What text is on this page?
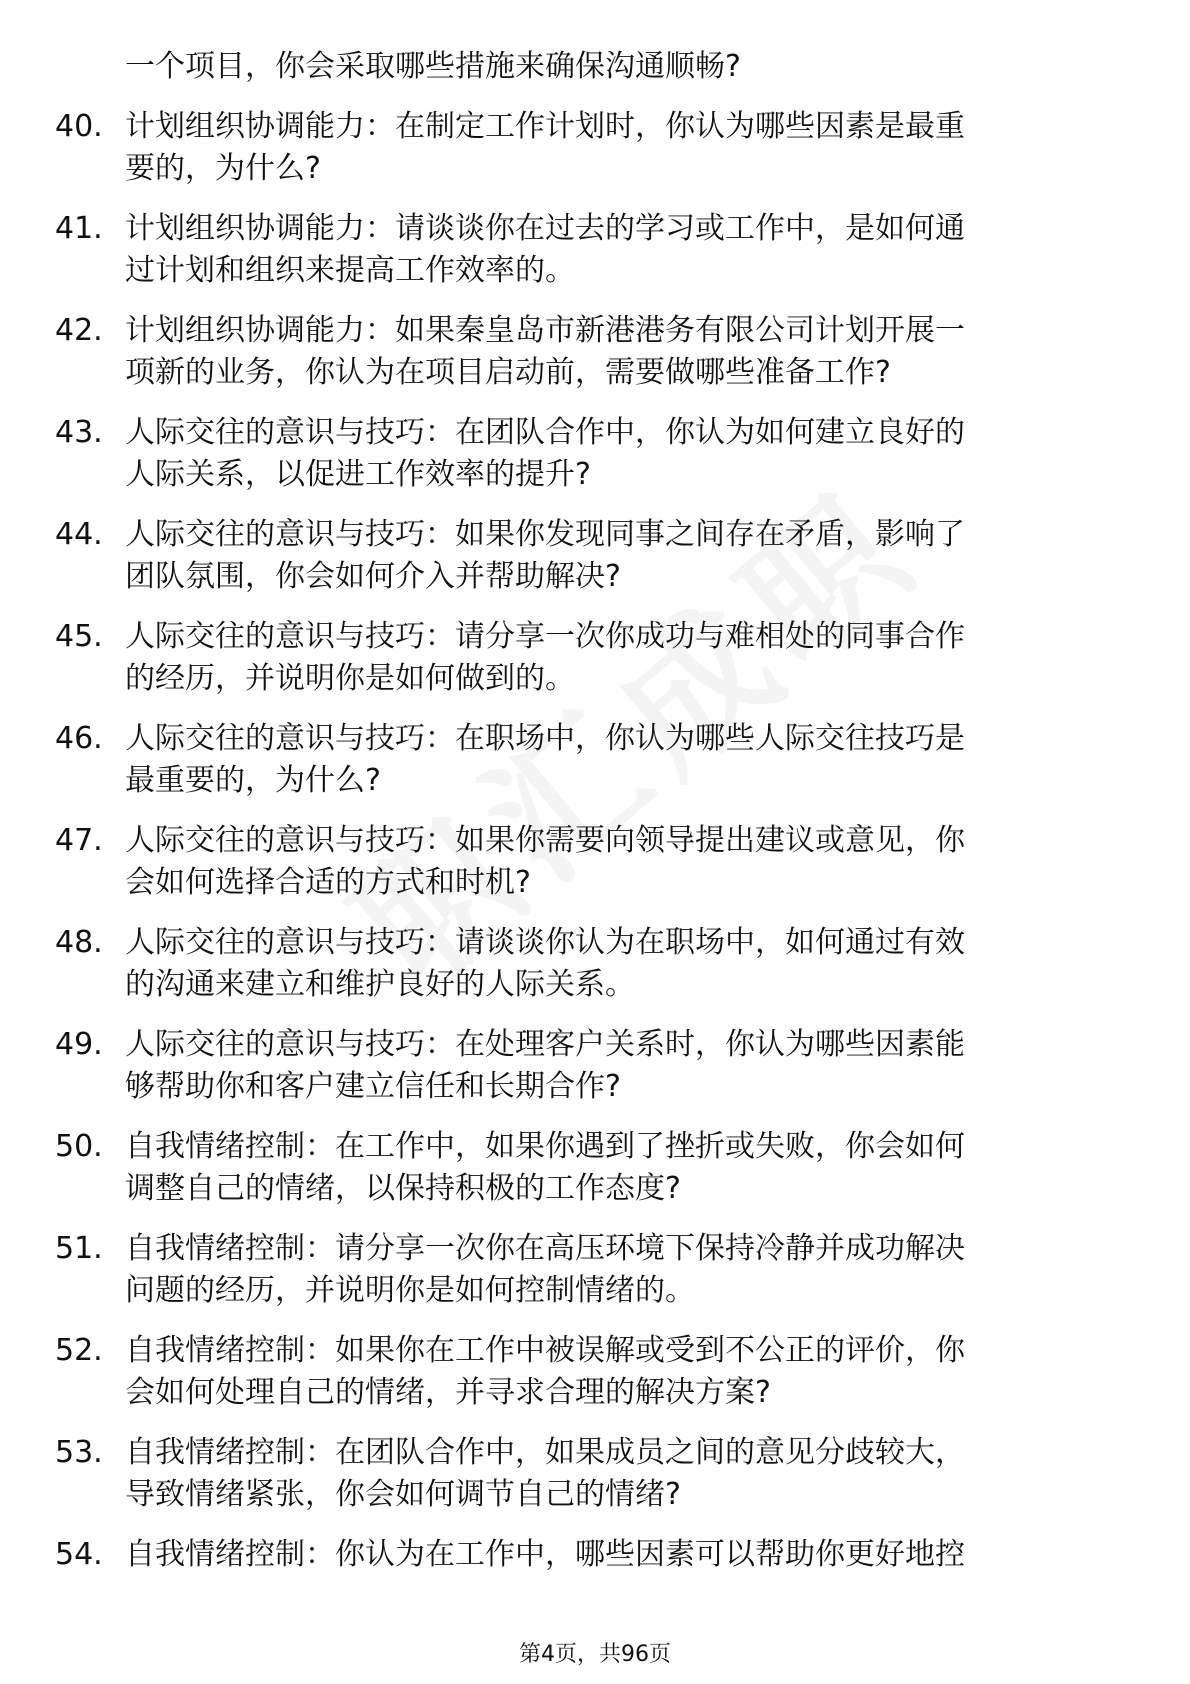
一个项目，你会采取哪些措施来确保沟通顺畅?
40. 计划组织协调能力：在制定工作计划时，你认为哪些因素是最重
要的，为什么?
41. 计划组织协调能力：请谈谈你在过去的学习或工作中，是如何通
过计划和组织来提高工作效率的。
42. 计划组织协调能力：如果秦皇岛市新港港务有限公司计划开展一
项新的业务，你认为在项目启动前，需要做哪些准备工作?
43. 人际交往的意识与技巧：在团队合作中，你认为如何建立良好的
人际关系，以促进工作效率的提升?
44. 人际交往的意识与技巧：如果你发现同事之间存在矛盾，影响了
团队氛围，你会如何介入并帮助解决?
45. 人际交往的意识与技巧：请分享一次你成功与难相处的同事合作
的经历，并说明你是如何做到的。
46. 人际交往的意识与技巧：在职场中，你认为哪些人际交往技巧是
最重要的，为什么?
47. 人际交往的意识与技巧：如果你需要向领导提出建议或意见，你
会如何选择合适的方式和时机?
48. 人际交往的意识与技巧：请谈谈你认为在职场中，如何通过有效
的沟通来建立和维护良好的人际关系。
49. 人际交往的意识与技巧：在处理客户关系时，你认为哪些因素能
够帮助你和客户建立信任和长期合作?
50. 自我情绪控制：在工作中，如果你遇到了挫折或失败，你会如何
调整自己的情绪，以保持积极的工作态度?
51. 自我情绪控制：请分享一次你在高压环境下保持冷静并成功解决
问题的经历，并说明你是如何控制情绪的。
52. 自我情绪控制：如果你在工作中被误解或受到不公正的评价，你
会如何处理自己的情绪，并寻求合理的解决方案?
53. 自我情绪控制：在团队合作中，如果成员之间的意见分歧较大，
导致情绪紧张，你会如何调节自己的情绪?
54. 自我情绪控制：你认为在工作中，哪些因素可以帮助你更好地控
第4页，共96页
